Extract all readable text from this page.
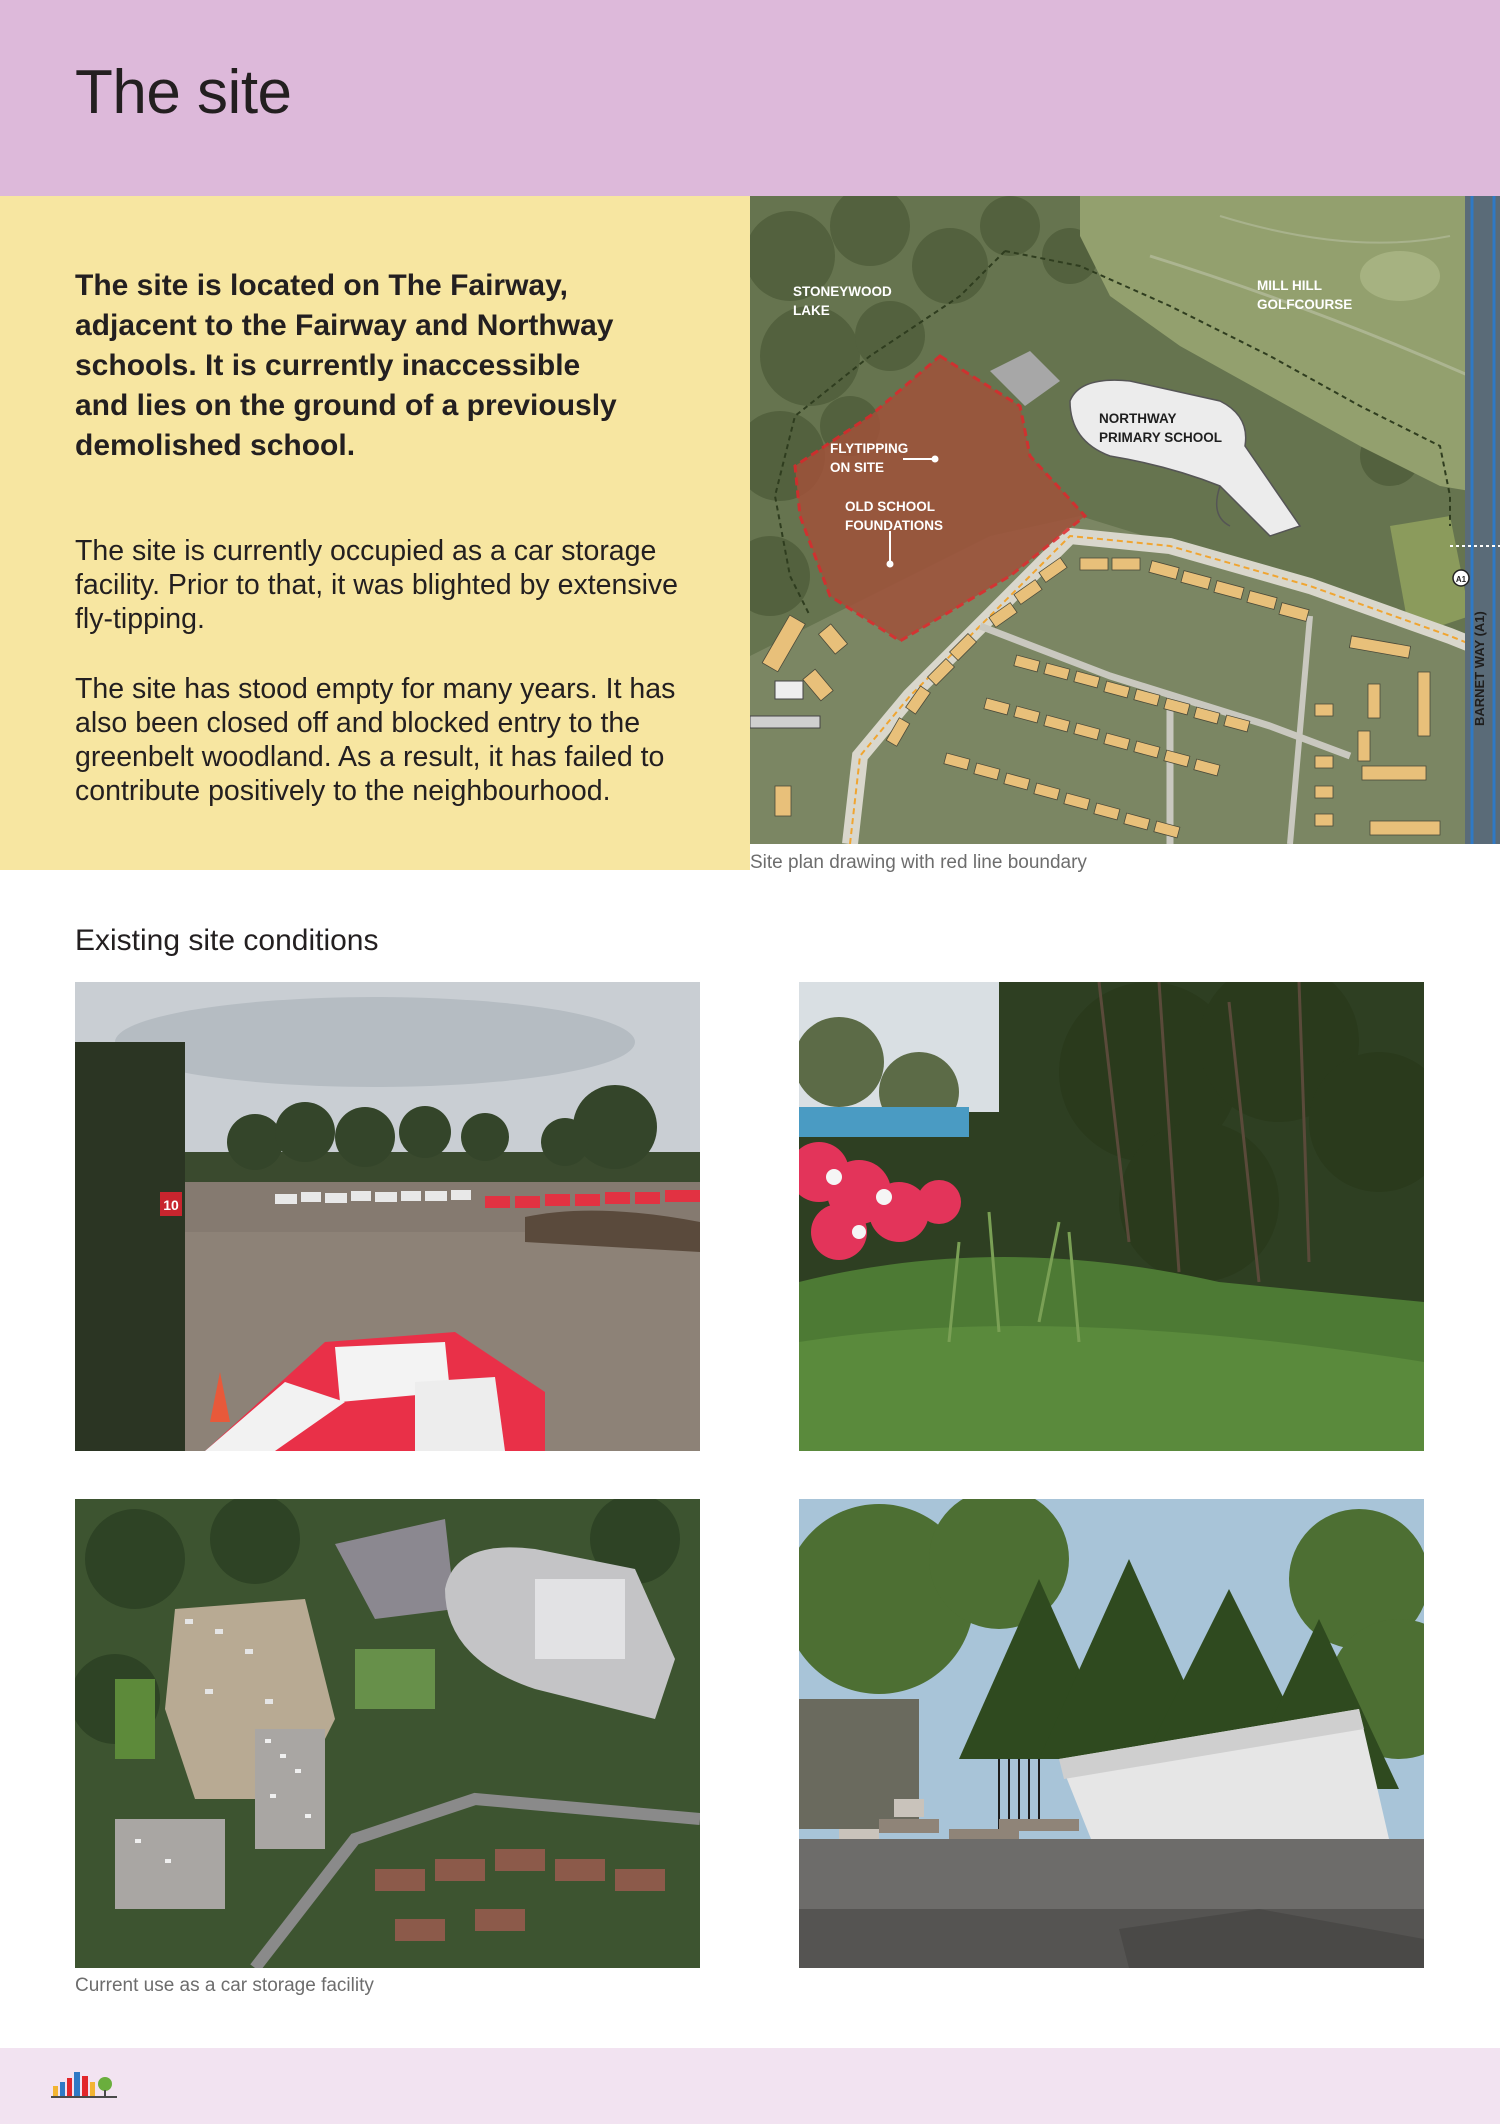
The site

The site is located on The Fairway, adjacent to the Fairway and Northway schools. It is currently inaccessible and lies on the ground of a previously demolished school.

The site is currently occupied as a car storage facility. Prior to that, it was blighted by extensive fly-tipping.

The site has stood empty for many years. It has also been closed off and blocked entry to the greenbelt woodland. As a result, it has failed to contribute positively to the neighbourhood.

STONEYWOOD
LAKE
MILL HILL
GOLFCOURSE
FLYTIPPING
ON SITE
OLD SCHOOL
FOUNDATIONS
NORTHWAY
PRIMARY SCHOOL
BARNET WAY (A1)
A1
Site plan drawing with red line boundary
Existing site conditions
10
Current use as a car storage facility
